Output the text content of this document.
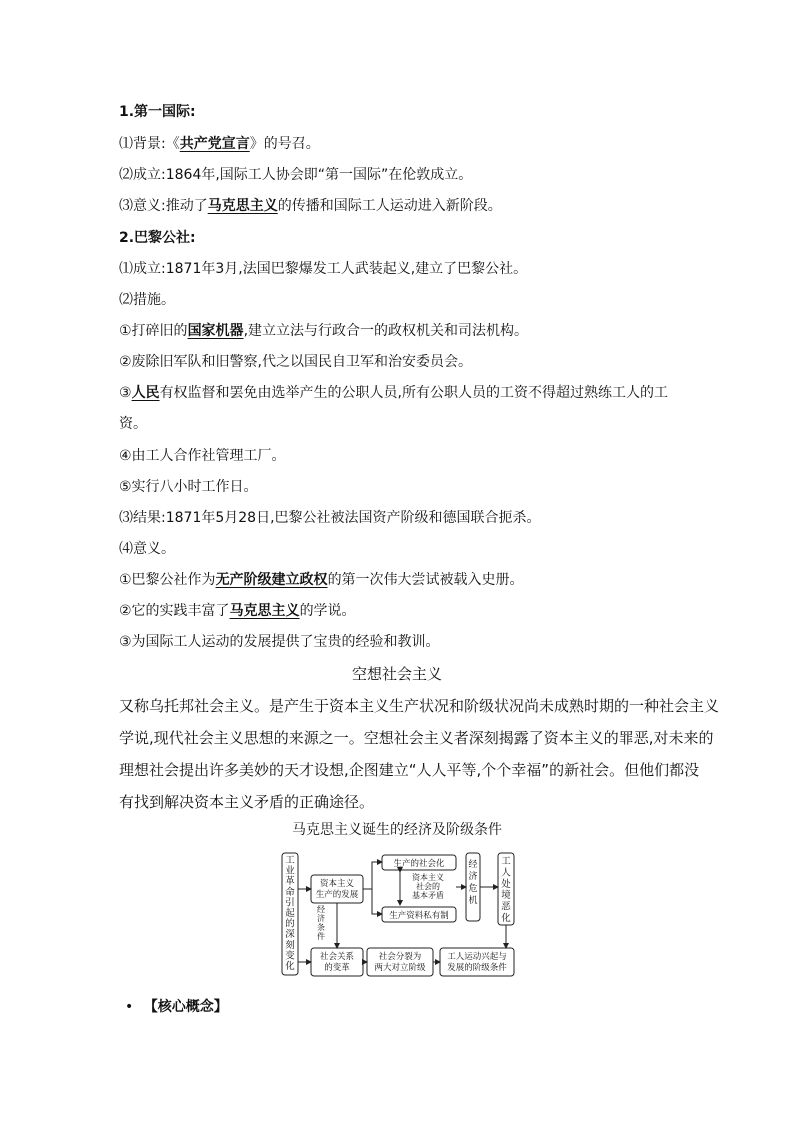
1.第一国际:
⑴背景:《共产党宣言》的号召。
⑵成立:1864年,国际工人协会即“第一国际”在伦敦成立。
⑶意义:推动了马克思主义的传播和国际工人运动进入新阶段。
2.巴黎公社:
⑴成立:1871年3月,法国巴黎爆发工人武装起义,建立了巴黎公社。
⑵措施。
①打碎旧的国家机器,建立立法与行政合一的政权机关和司法机构。
②废除旧军队和旧警察,代之以国民自卫军和治安委员会。
③人民有权监督和罢免由选举产生的公职人员,所有公职人员的工资不得超过熟练工人的工
资。
④由工人合作社管理工厂。
⑤实行八小时工作日。
⑶结果:1871年5月28日,巴黎公社被法国资产阶级和德国联合扼杀。
⑷意义。
①巴黎公社作为无产阶级建立政权的第一次伟大尝试被载入史册。
②它的实践丰富了马克思主义的学说。
③为国际工人运动的发展提供了宝贵的经验和教训。
空想社会主义
又称乌托邦社会主义。是产生于资本主义生产状况和阶级状况尚未成熟时期的一种社会主义
学说,现代社会主义思想的来源之一。空想社会主义者深刻揭露了资本主义的罪恶,对未来的
理想社会提出许多美妙的天才设想,企图建立“人人平等,个个幸福”的新社会。但他们都没
有找到解决资本主义矛盾的正确途径。
马克思主义诞生的经济及阶级条件
工
业
革
命
引
起
的
深
刻
变
化
资本主义
生产的发展
经
济
条
件
生产的社会化
资本主义
社会的
基本矛盾
生产资料私有制
经
济
危
机
工
人
处
境
恶
化
社会关系
的变革
社会分裂为
两大对立阶级
工人运动兴起与
发展的阶级条件
• 【核心概念】
